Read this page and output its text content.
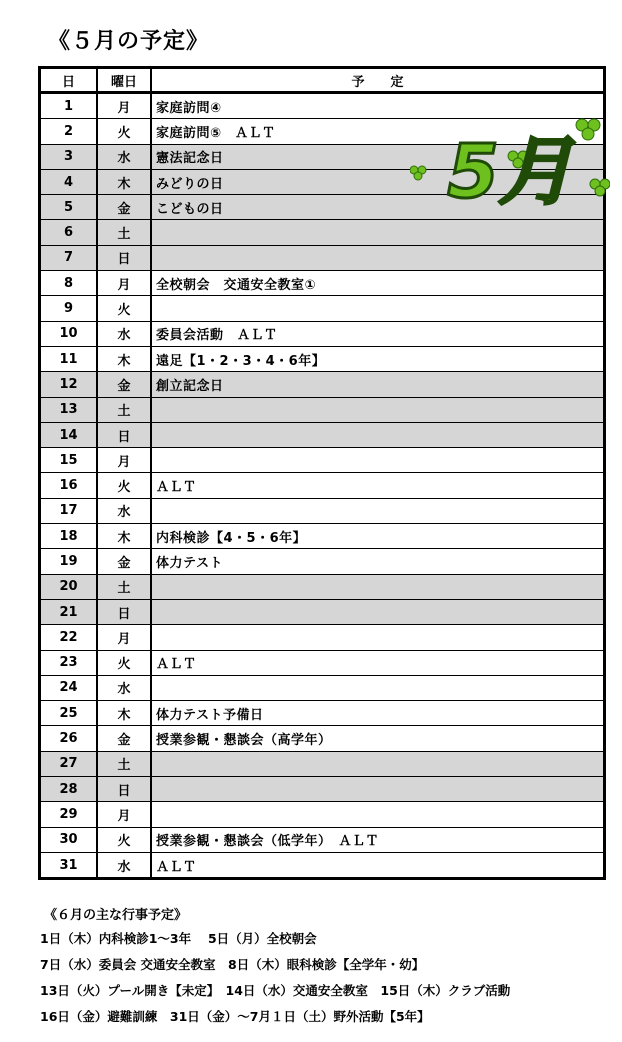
《５月の予定》
日	曜日	予　　定
1	月	家庭訪問④
2	火	家庭訪問⑤　ＡＬＴ
3	水	憲法記念日
4	木	みどりの日
5	金	こどもの日
6	土	
7	日	
8	月	全校朝会　交通安全教室①
9	火	
10	水	委員会活動　ＡＬＴ
11	木	遠足【1・2・3・4・6年】
12	金	創立記念日
13	土	
14	日	
15	月	
16	火	ＡＬＴ
17	水	
18	木	内科検診【4・5・6年】
19	金	体力テスト
20	土	
21	日	
22	月	
23	火	ＡＬＴ
24	水	
25	木	体力テスト予備日
26	金	授業参観・懇談会（高学年）
27	土	
28	日	
29	月	
30	火	授業参観・懇談会（低学年）　ＡＬＴ
31	水	ＡＬＴ
5月
《６月の主な行事予定》
1日（木）内科検診1～3年　 5日（月）全校朝会
7日（水）委員会 交通安全教室　8日（木）眼科検診【全学年・幼】
13日（火）プール開き【未定】　14日（水）交通安全教室　15日（木）クラブ活動
16日（金）避難訓練　31日（金）～7月１日（土）野外活動【5年】
